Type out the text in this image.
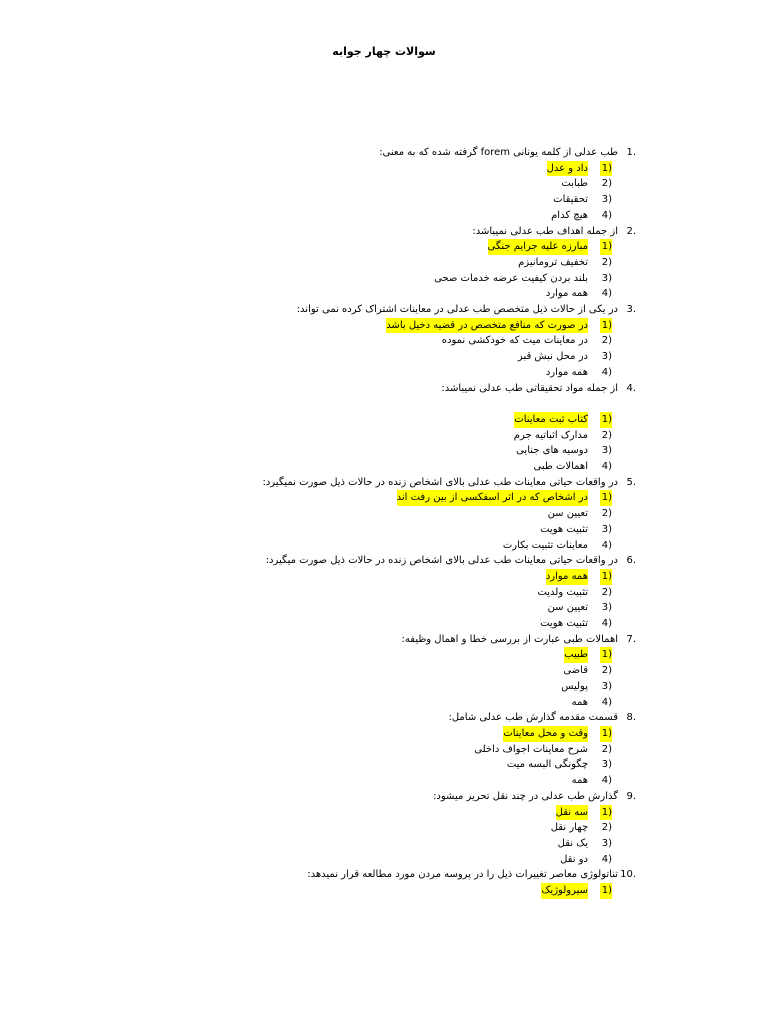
سوالات چهار جوابه
1.
طب عدلی از کلمه یونانی forem گرفته شده که به معنی:
1)
داد و عدل
2)
طبابت
3)
تحقیقات
4)
هیچ کدام
2.
از جمله اهداف طب عدلی نمیباشد:
1)
مبارزه علیه جرایم جنگی
2)
تخفیف ترومانیزم
3)
بلند بردن کیفیت عرضه خدمات صحی
4)
همه موارد
3.
در یکی از حالات ذیل متخصص طب عدلی در معاینات اشتراک کرده نمی تواند:
1)
در صورت که منافع متخصص در قضیه دخیل باشد
2)
در معاینات میت که خودکشی نموده
3)
در محل نبش قبر
4)
همه موارد
4.
از جمله مواد تحقیقاتی طب عدلی نمیباشد:
1)
کتاب ثبت معاینات
2)
مدارک اثباتیه جرم
3)
دوسیه های جنایی
4)
اهمالات طبی
5.
در واقعات حیاتی معاینات طب عدلی بالای اشخاص زنده در حالات ذیل صورت نمیگیرد:
1)
در اشخاص که در اثر اسفکسی از بین رفت اند
2)
تعیین سن
3)
تثبیت هویت
4)
معاینات تثبیت بکارت
6.
در واقعات حیاتی معاینات طب عدلی بالای اشخاص زنده در حالات ذیل صورت میگیرد:
1)
همه موارد
2)
تثبیت ولدیت
3)
تعیین سن
4)
تثبیت هویت
7.
اهمالات طبی عبارت از بررسی خطا و اهمال وظیفه:
1)
طبیب
2)
قاضی
3)
پولیس
4)
همه
8.
قسمت مقدمه گذارش طب عدلی شامل:
1)
وقت و محل معاینات
2)
شرح معاینات اجواف داخلی
3)
چگونگی البسه میت
4)
همه
9.
گذارش طب عدلی در چند نقل تحریر میشود:
1)
سه نقل
2)
چهار نقل
3)
یک نقل
4)
دو نقل
10.
تناتولوژی معاصر تغییرات ذیل را در پروسه مردن مورد مطالعه قرار نمیدهد:
1)
سیرولوژیک
